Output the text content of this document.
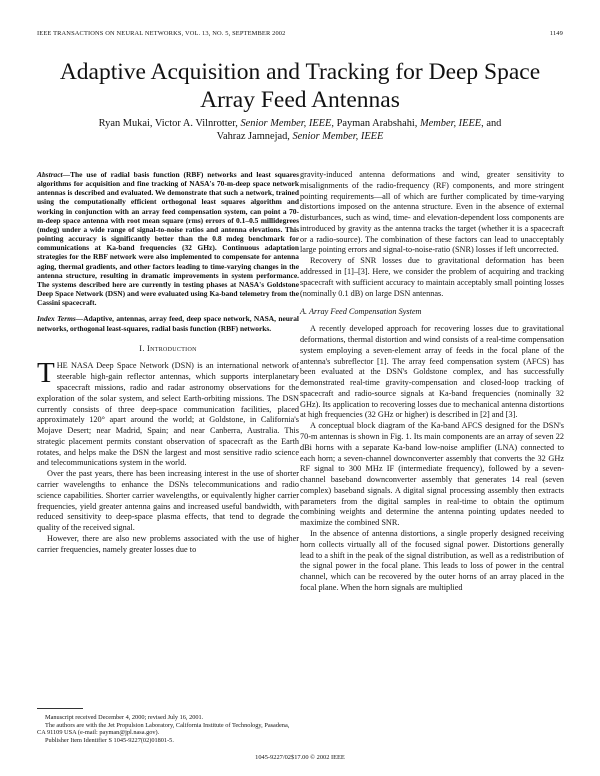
IEEE TRANSACTIONS ON NEURAL NETWORKS, VOL. 13, NO. 5, SEPTEMBER 2002	1149
Adaptive Acquisition and Tracking for Deep Space
Array Feed Antennas
Ryan Mukai, Victor A. Vilnrotter, Senior Member, IEEE, Payman Arabshahi, Member, IEEE, and
Vahraz Jamnejad, Senior Member, IEEE
Abstract—The use of radial basis function (RBF) networks and least squares algorithms for acquisition and fine tracking of NASA's 70-m-deep space network antennas is described and evaluated. We demonstrate that such a network, trained using the computationally efficient orthogonal least squares algorithm and working in conjunction with an array feed compensation system, can point a 70-m-deep space antenna with root mean square (rms) errors of 0.1–0.5 millidegrees (mdeg) under a wide range of signal-to-noise ratios and antenna elevations. This pointing accuracy is significantly better than the 0.8 mdeg benchmark for communications at Ka-band frequencies (32 GHz). Continuous adaptation strategies for the RBF network were also implemented to compensate for antenna aging, thermal gradients, and other factors leading to time-varying changes in the antenna structure, resulting in dramatic improvements in system performance. The systems described here are currently in testing phases at NASA's Goldstone Deep Space Network (DSN) and were evaluated using Ka-band telemetry from the Cassini spacecraft.
Index Terms—Adaptive, antennas, array feed, deep space network, NASA, neural networks, orthogonal least-squares, radial basis function (RBF) networks.
I. Introduction

THE NASA Deep Space Network (DSN) is an international network of steerable high-gain reflector antennas, which supports interplanetary spacecraft missions, radio and radar astronomy observations for the exploration of the solar system, and select Earth-orbiting missions. The DSN currently consists of three deep-space communication facilities, placed approximately 120° apart around the world; at Goldstone, in California's Mojave Desert; near Madrid, Spain; and near Canberra, Australia. This strategic placement permits constant observation of spacecraft as the Earth rotates, and helps make the DSN the largest and most sensitive radio science and telecommunications system in the world.

Over the past years, there has been increasing interest in the use of shorter carrier wavelengths to enhance the DSNs telecommunications and radio science capabilities. Shorter carrier wavelengths, or equivalently higher carrier frequencies, yield greater antenna gains and increased useful bandwidth, with reduced sensitivity to deep-space plasma effects, that tend to degrade the quality of the received signal.

However, there are also new problems associated with the use of higher carrier frequencies, namely greater losses due to

gravity-induced antenna deformations and wind, greater sensitivity to misalignments of the radio-frequency (RF) components, and more stringent pointing requirements—all of which are further complicated by time-varying distortions imposed on the antenna structure. Even in the absence of external disturbances, such as wind, time- and elevation-dependent loss components are introduced by gravity as the antenna tracks the target (whether it is a spacecraft or a radio-source). The combination of these factors can lead to unacceptably large pointing errors and signal-to-noise-ratio (SNR) losses if left uncorrected.

Recovery of SNR losses due to gravitational deformation has been addressed in [1]–[3]. Here, we consider the problem of acquiring and tracking spacecraft with sufficient accuracy to maintain acceptably small pointing losses (nominally 0.1 dB) on large DSN antennas.

A. Array Feed Compensation System

A recently developed approach for recovering losses due to gravitational deformations, thermal distortion and wind consists of a real-time compensation system employing a seven-element array of feeds in the focal plane of the antenna's subreflector [1]. The array feed compensation system (AFCS) has been evaluated at the DSN's Goldstone complex, and has successfully demonstrated real-time gravity-compensation and closed-loop tracking of spacecraft and radio-source signals at Ka-band frequencies (nominally 32 GHz). Its application to recovering losses due to mechanical antenna distortions at high frequencies (32 GHz or higher) is described in [2] and [3].

A conceptual block diagram of the Ka-band AFCS designed for the DSN's 70-m antennas is shown in Fig. 1. Its main components are an array of seven 22 dBi horns with a separate Ka-band low-noise amplifier (LNA) connected to each horn; a seven-channel downconverter assembly that converts the 32 GHz RF signal to 300 MHz IF (intermediate frequency), followed by a seven-channel baseband downconverter assembly that generates 14 real (seven complex) baseband signals. A digital signal processing assembly then extracts parameters from the digital samples in real-time to obtain the optimum combining weights and determine the antenna pointing updates needed to maximize the combined SNR.

In the absence of antenna distortions, a single properly designed receiving horn collects virtually all of the focused signal power. Distortions generally lead to a shift in the peak of the signal distribution, as well as a redistribution of the signal power in the focal plane. This leads to loss of power in the central channel, which can be recovered by the outer horns of an array placed in the focal plane. When the horn signals are multiplied

Manuscript received December 4, 2000; revised July 16, 2001.

The authors are with the Jet Propulsion Laboratory, California Institute of Technology, Pasadena, CA 91109 USA (e-mail: payman@jpl.nasa.gov).

Publisher Item Identifier S 1045-9227(02)01801-5.

1045-9227/02$17.00 © 2002 IEEE
